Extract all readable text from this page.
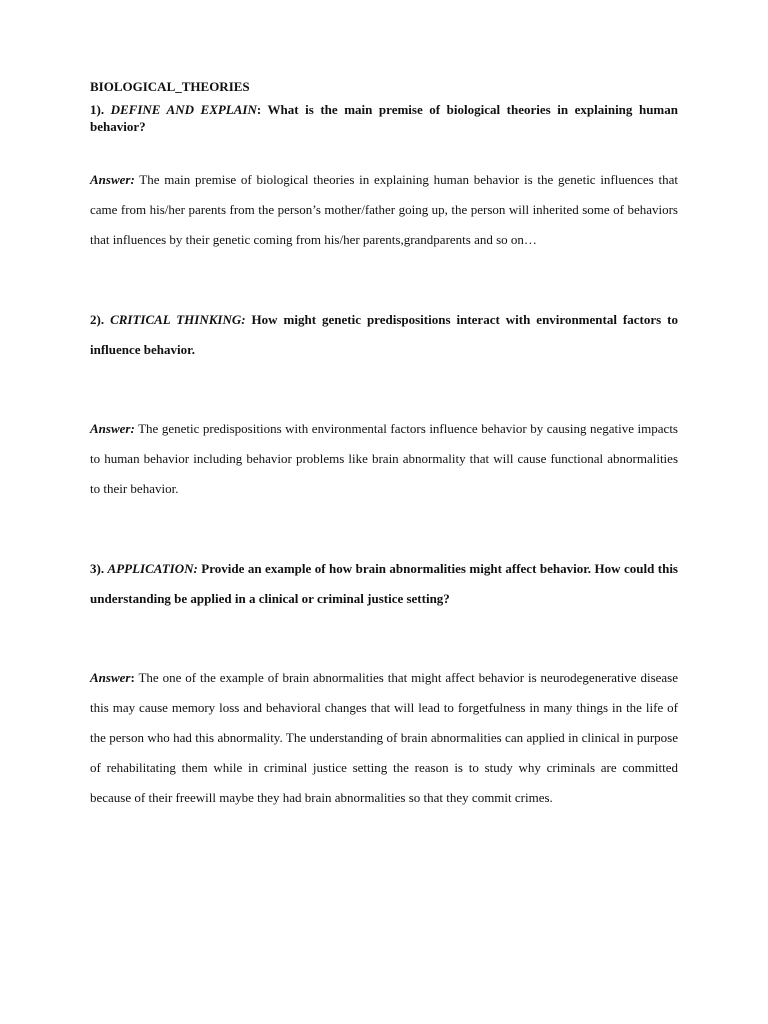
BIOLOGICAL_THEORIES

1). DEFINE AND EXPLAIN: What is the main premise of biological theories in explaining human behavior?

Answer: The main premise of biological theories in explaining human behavior is the genetic influences that came from his/her parents from the person’s mother/father going up, the person will inherited some of behaviors that influences by their genetic coming from his/her parents,grandparents and so on…

2). CRITICAL THINKING: How might genetic predispositions interact with environmental factors to influence behavior.

Answer: The genetic predispositions with environmental factors influence behavior by causing negative impacts to human behavior including behavior problems like brain abnormality that will cause functional abnormalities to their behavior.

3). APPLICATION: Provide an example of how brain abnormalities might affect behavior. How could this understanding be applied in a clinical or criminal justice setting?

Answer: The one of the example of brain abnormalities that might affect behavior is neurodegenerative disease this may cause memory loss and behavioral changes that will lead to forgetfulness in many things in the life of the person who had this abnormality. The understanding of brain abnormalities can applied in clinical in purpose of rehabilitating them while in criminal justice setting the reason is to study why criminals are committed because of their freewill maybe they had brain abnormalities so that they commit crimes.
